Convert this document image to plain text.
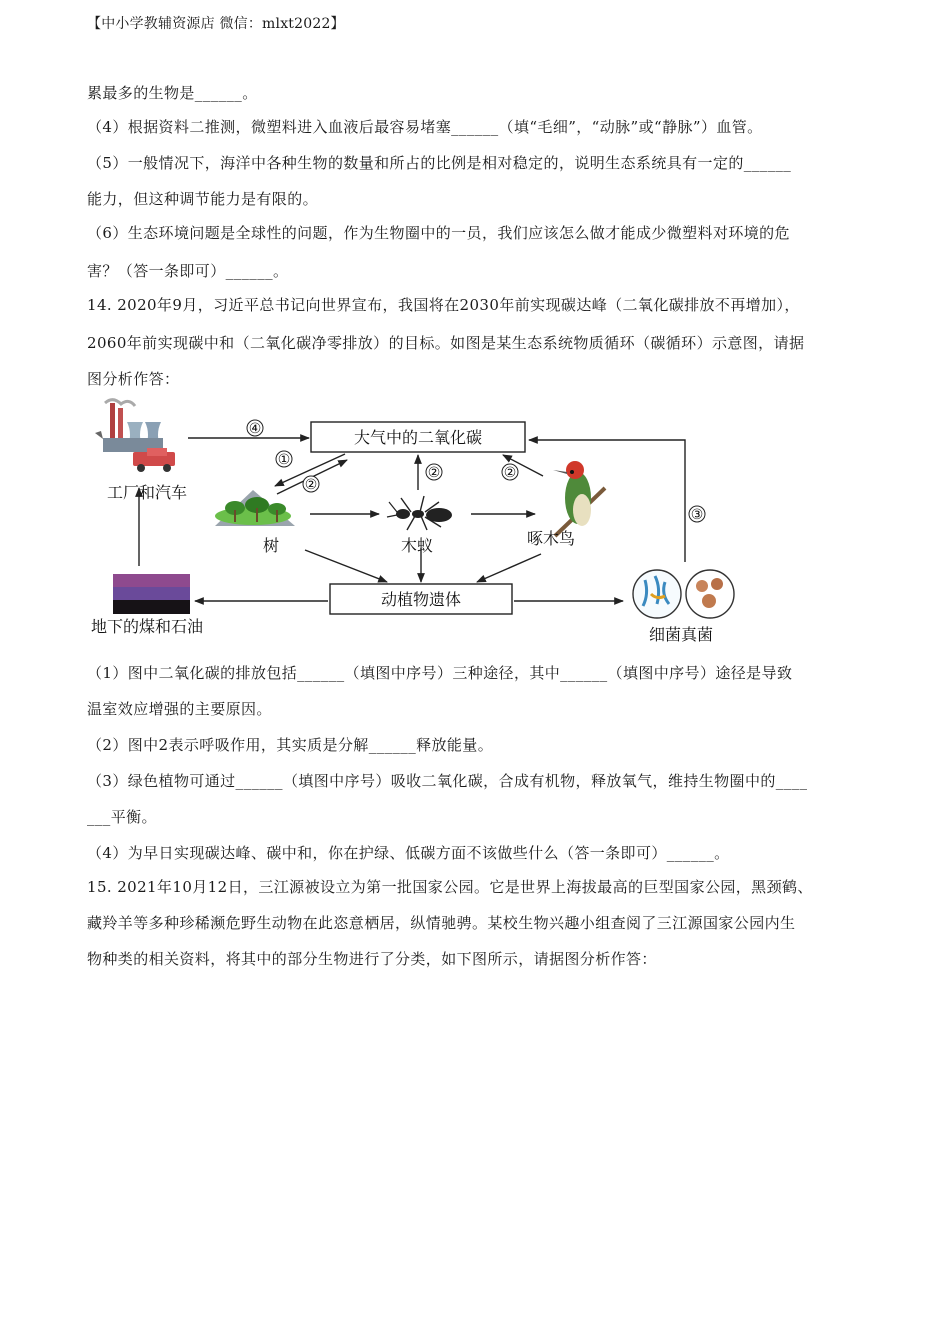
【中小学教辅资源店 微信：mlxt2022】
累最多的生物是______。
（4）根据资料二推测，微塑料进入血液后最容易堵塞______（填“毛细”，“动脉”或“静脉”）血管。
（5）一般情况下，海洋中各种生物的数量和所占的比例是相对稳定的，说明生态系统具有一定的______
能力，但这种调节能力是有限的。
（6）生态环境问题是全球性的问题，作为生物圈中的一员，我们应该怎么做才能成少微塑料对环境的危
害？（答一条即可）______。
14. 2020年9月，习近平总书记向世界宣布，我国将在2030年前实现碳达峰（二氧化碳排放不再增加），
2060年前实现碳中和（二氧化碳净零排放）的目标。如图是某生态系统物质循环（碳循环）示意图，请据
图分析作答：
工厂和汽车
大气中的二氧化碳
④
树
①
②
木蚁	啄木鸟
②	②
动植物遗体
地下的煤和石油	细菌真菌
③
（1）图中二氧化碳的排放包括______（填图中序号）三种途径，其中______（填图中序号）途径是导致
温室效应增强的主要原因。
（2）图中2表示呼吸作用，其实质是分解______释放能量。
（3）绿色植物可通过______（填图中序号）吸收二氧化碳，合成有机物，释放氧气，维持生物圈中的____
___平衡。
（4）为早日实现碳达峰、碳中和，你在护绿、低碳方面不该做些什么（答一条即可）______。
15. 2021年10月12日，三江源被设立为第一批国家公园。它是世界上海拔最高的巨型国家公园，黑颈鹤、
藏羚羊等多种珍稀濒危野生动物在此恣意栖居，纵情驰骋。某校生物兴趣小组查阅了三江源国家公园内生
物种类的相关资料，将其中的部分生物进行了分类，如下图所示，请据图分析作答：
